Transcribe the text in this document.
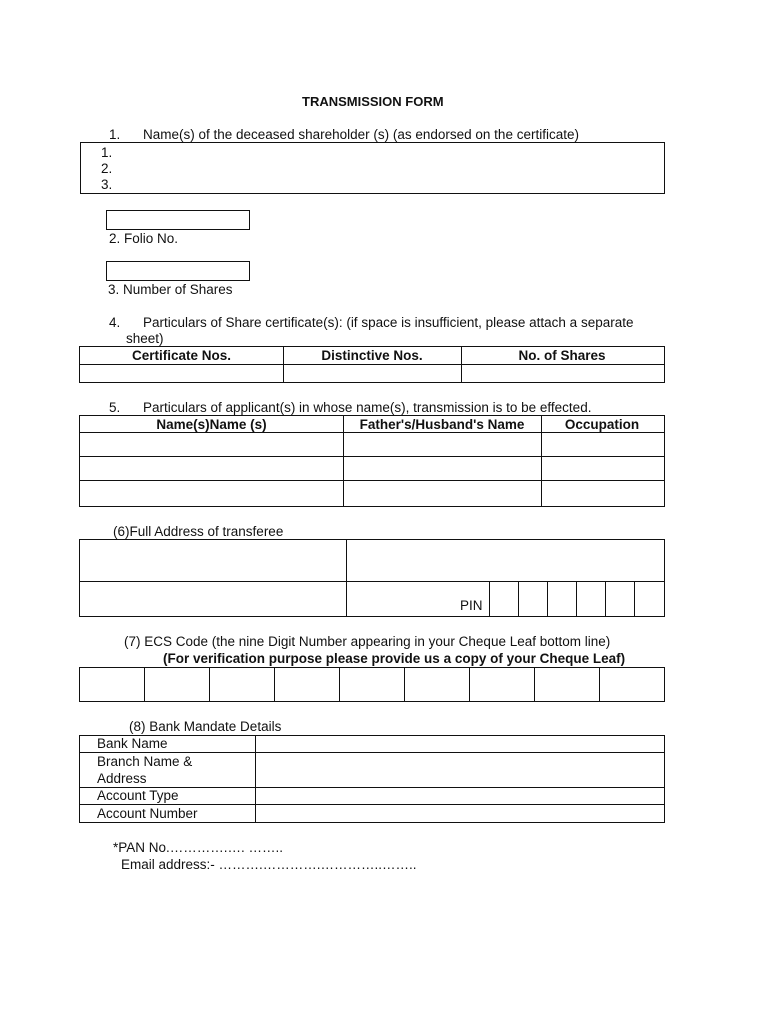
TRANSMISSION FORM
1. Name(s) of the deceased shareholder (s) (as endorsed on the certificate)
1.
2.
3.
2. Folio No.
3. Number of Shares
4. Particulars of Share certificate(s): (if space is insufficient, please attach a separate
sheet)
Certificate Nos.	Distinctive Nos.	No. of Shares
5. Particulars of applicant(s) in whose name(s), transmission is to be effected.
Name(s)Name (s)	Father's/Husband's Name	Occupation
(6)Full Address of transferee
PIN
(7) ECS Code (the nine Digit Number appearing in your Cheque Leaf bottom line)
(For verification purpose please provide us a copy of your Cheque Leaf)
(8) Bank Mandate Details
Bank Name
Branch Name &
Address
Account Type
Account Number
*PAN No.………….…. ……..
Email address:- ……….………….…………..……..
